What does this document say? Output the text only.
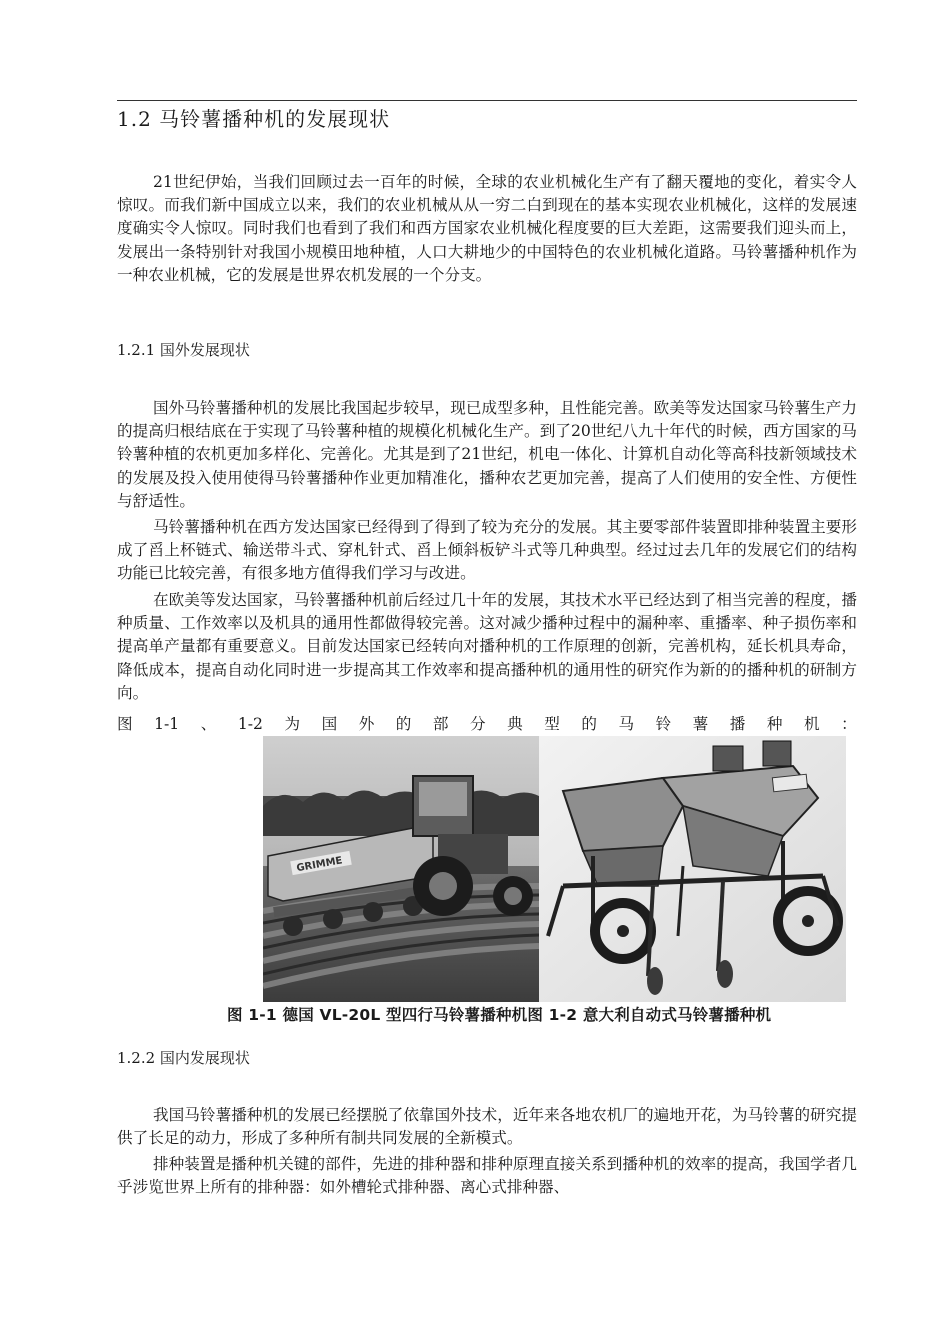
1.2 马铃薯播种机的发展现状

21世纪伊始，当我们回顾过去一百年的时候，全球的农业机械化生产有了翻天覆地的变化，着实令人惊叹。而我们新中国成立以来，我们的农业机械从从一穷二白到现在的基本实现农业机械化，这样的发展速度确实令人惊叹。同时我们也看到了我们和西方国家农业机械化程度要的巨大差距，这需要我们迎头而上，发展出一条特别针对我国小规模田地种植，人口大耕地少的中国特色的农业机械化道路。马铃薯播种机作为一种农业机械，它的发展是世界农机发展的一个分支。

1.2.1 国外发展现状

国外马铃薯播种机的发展比我国起步较早，现已成型多种，且性能完善。欧美等发达国家马铃薯生产力的提高归根结底在于实现了马铃薯种植的规模化机械化生产。到了20世纪八九十年代的时候，西方国家的马铃薯种植的农机更加多样化、完善化。尤其是到了21世纪，机电一体化、计算机自动化等高科技新领域技术的发展及投入使用使得马铃薯播种作业更加精准化，播种农艺更加完善，提高了人们使用的安全性、方便性与舒适性。

马铃薯播种机在西方发达国家已经得到了得到了较为充分的发展。其主要零部件装置即排种装置主要形成了舀上杯链式、输送带斗式、穿札针式、舀上倾斜板铲斗式等几种典型。经过过去几年的发展它们的结构功能已比较完善，有很多地方值得我们学习与改进。

在欧美等发达国家，马铃薯播种机前后经过几十年的发展，其技术水平已经达到了相当完善的程度，播种质量、工作效率以及机具的通用性都做得较完善。这对减少播种过程中的漏种率、重播率、种子损伤率和提高单产量都有重要意义。目前发达国家已经转向对播种机的工作原理的创新，完善机构，延长机具寿命，降低成本，提高自动化同时进一步提高其工作效率和提高播种机的通用性的研究作为新的的播种机的研制方向。

图 1-1 、 1-2 为 国 外 的 部 分 典 型 的 马 铃 薯 播 种 机 ：
GRIMME
图 1-1 德国 VL-20L 型四行马铃薯播种机图 1-2 意大利自动式马铃薯播种机
1.2.2 国内发展现状

我国马铃薯播种机的发展已经摆脱了依靠国外技术，近年来各地农机厂的遍地开花，为马铃薯的研究提供了长足的动力，形成了多种所有制共同发展的全新模式。

排种装置是播种机关键的部件，先进的排种器和排种原理直接关系到播种机的效率的提高，我国学者几乎涉览世界上所有的排种器：如外槽轮式排种器、离心式排种器、
